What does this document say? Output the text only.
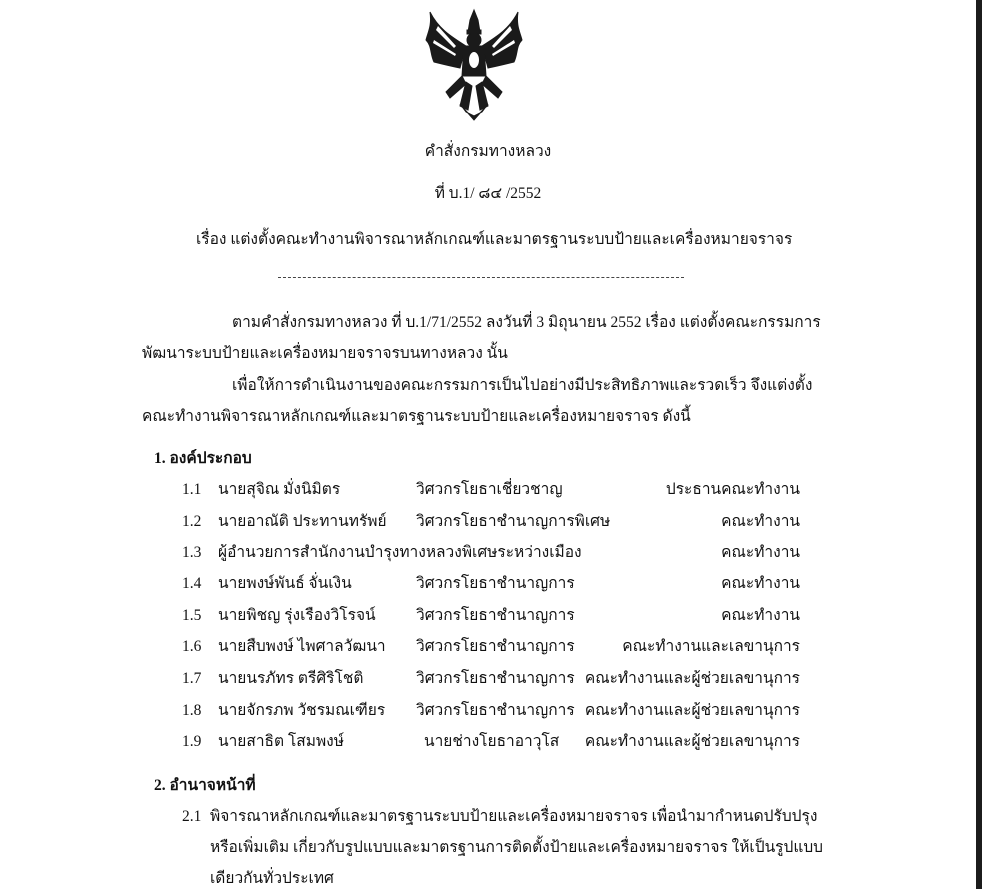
คำสั่งกรมทางหลวง
ที่ บ.1/ ๘๔ /2552
เรื่อง แต่งตั้งคณะทำงานพิจารณาหลักเกณฑ์และมาตรฐานระบบป้ายและเครื่องหมายจราจร
ตามคำสั่งกรมทางหลวง ที่ บ.1/71/2552 ลงวันที่ 3 มิถุนายน 2552 เรื่อง แต่งตั้งคณะกรรมการ
พัฒนาระบบป้ายและเครื่องหมายจราจรบนทางหลวง นั้น
เพื่อให้การดำเนินงานของคณะกรรมการเป็นไปอย่างมีประสิทธิภาพและรวดเร็ว จึงแต่งตั้ง
คณะทำงานพิจารณาหลักเกณฑ์และมาตรฐานระบบป้ายและเครื่องหมายจราจร ดังนี้
1. องค์ประกอบ
1.1 นายสุจิณ มั่งนิมิตร	วิศวกรโยธาเชี่ยวชาญ	ประธานคณะทำงาน
1.2 นายอาณัติ ประทานทรัพย์ วิศวกรโยธาชำนาญการพิเศษ	คณะทำงาน
1.3 ผู้อำนวยการสำนักงานบำรุงทางหลวงพิเศษระหว่างเมือง	คณะทำงาน
1.4 นายพงษ์พันธ์ จั่นเงิน	วิศวกรโยธาชำนาญการ	คณะทำงาน
1.5 นายพิชญ รุ่งเรืองวิโรจน์	วิศวกรโยธาชำนาญการ	คณะทำงาน
1.6 นายสืบพงษ์ ไพศาลวัฒนา วิศวกรโยธาชำนาญการ	คณะทำงานและเลขานุการ
1.7 นายนรภัทร ตรีศิริโชติ	วิศวกรโยธาชำนาญการ คณะทำงานและผู้ช่วยเลขานุการ
1.8 นายจักรภพ วัชรมณเฑียร วิศวกรโยธาชำนาญการ คณะทำงานและผู้ช่วยเลขานุการ
1.9 นายสาธิต โสมพงษ์	นายช่างโยธาอาวุโส คณะทำงานและผู้ช่วยเลขานุการ
2. อำนาจหน้าที่
2.1 พิจารณาหลักเกณฑ์และมาตรฐานระบบป้ายและเครื่องหมายจราจร เพื่อนำมากำหนดปรับปรุง
หรือเพิ่มเติม เกี่ยวกับรูปแบบและมาตรฐานการติดตั้งป้ายและเครื่องหมายจราจร ให้เป็นรูปแบบ
เดียวกันทั่วประเทศ
